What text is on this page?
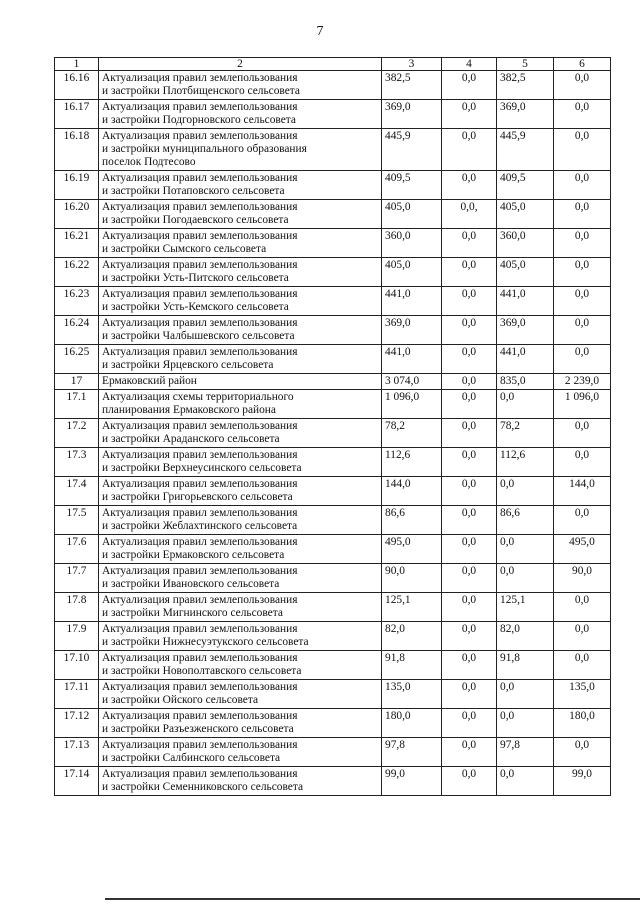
7
1	2	3	4	5	6
16.16	Актуализация правил землепользования
и застройки Плотбищенского сельсовета	382,5	0,0	382,5	0,0
16.17	Актуализация правил землепользования
и застройки Подгорновского сельсовета	369,0	0,0	369,0	0,0
16.18	Актуализация правил землепользования
и застройки муниципального образования
поселок Подтесово	445,9	0,0	445,9	0,0
16.19	Актуализация правил землепользования
и застройки Потаповского сельсовета	409,5	0,0	409,5	0,0
16.20	Актуализация правил землепользования
и застройки Погодаевского сельсовета	405,0	0,0,	405,0	0,0
16.21	Актуализация правил землепользования
и застройки Сымского сельсовета	360,0	0,0	360,0	0,0
16.22	Актуализация правил землепользования
и застройки Усть-Питского сельсовета	405,0	0,0	405,0	0,0
16.23	Актуализация правил землепользования
и застройки Усть-Кемского сельсовета	441,0	0,0	441,0	0,0
16.24	Актуализация правил землепользования
и застройки Чалбышевского сельсовета	369,0	0,0	369,0	0,0
16.25	Актуализация правил землепользования
и застройки Ярцевского сельсовета	441,0	0,0	441,0	0,0
17	Ермаковский район	3 074,0	0,0	835,0	2 239,0
17.1	Актуализация схемы территориального
планирования Ермаковского района	1 096,0	0,0	0,0	1 096,0
17.2	Актуализация правил землепользования
и застройки Араданского сельсовета	78,2	0,0	78,2	0,0
17.3	Актуализация правил землепользования
и застройки Верхнеусинского сельсовета	112,6	0,0	112,6	0,0
17.4	Актуализация правил землепользования
и застройки Григорьевского сельсовета	144,0	0,0	0,0	144,0
17.5	Актуализация правил землепользования
и застройки Жеблахтинского сельсовета	86,6	0,0	86,6	0,0
17.6	Актуализация правил землепользования
и застройки Ермаковского сельсовета	495,0	0,0	0,0	495,0
17.7	Актуализация правил землепользования
и застройки Ивановского сельсовета	90,0	0,0	0,0	90,0
17.8	Актуализация правил землепользования
и застройки Мигнинского сельсовета	125,1	0,0	125,1	0,0
17.9	Актуализация правил землепользования
и застройки Нижнесуэтукского сельсовета	82,0	0,0	82,0	0,0
17.10	Актуализация правил землепользования
и застройки Новополтавского сельсовета	91,8	0,0	91,8	0,0
17.11	Актуализация правил землепользования
и застройки Ойского сельсовета	135,0	0,0	0,0	135,0
17.12	Актуализация правил землепользования
и застройки Разъезженского сельсовета	180,0	0,0	0,0	180,0
17.13	Актуализация правил землепользования
и застройки Салбинского сельсовета	97,8	0,0	97,8	0,0
17.14	Актуализация правил землепользования
и застройки Семенниковского сельсовета	99,0	0,0	0,0	99,0
